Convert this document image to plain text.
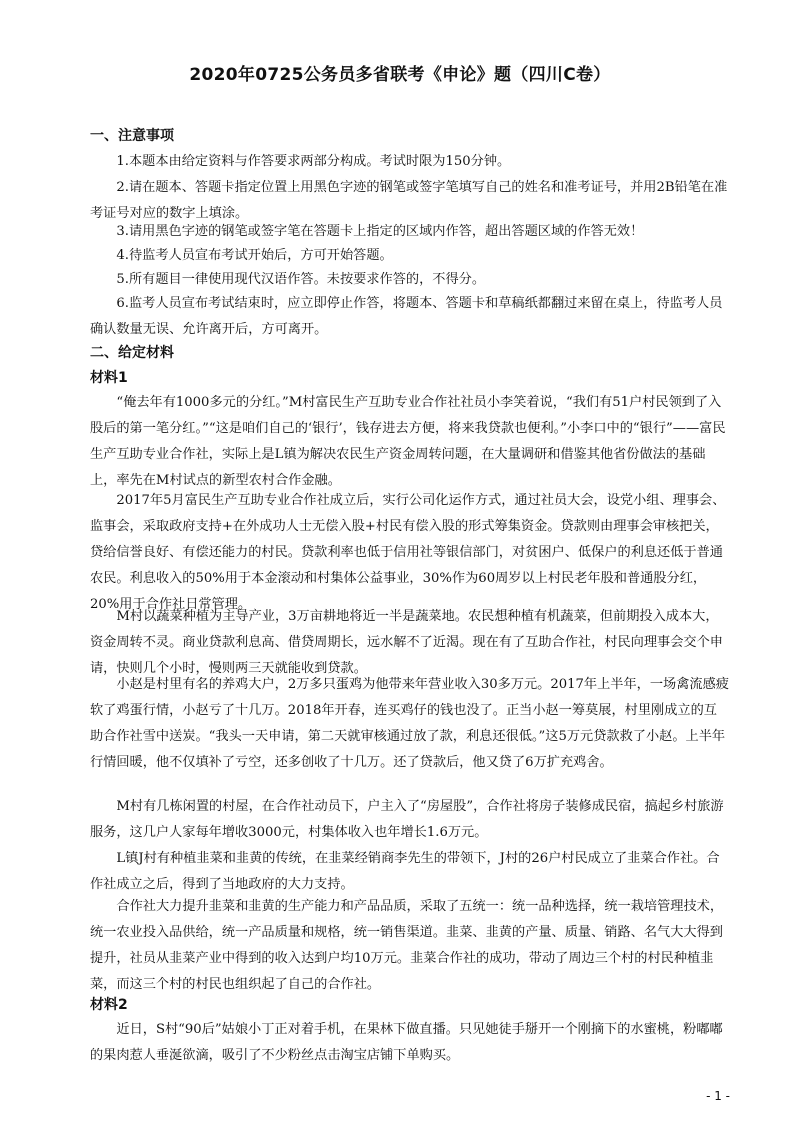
2020年0725公务员多省联考《申论》题（四川C卷）
一、注意事项
1.本题本由给定资料与作答要求两部分构成。考试时限为150分钟。
2.请在题本、答题卡指定位置上用黑色字迹的钢笔或签字笔填写自己的姓名和准考证号，并用2B铅笔在准考证号对应的数字上填涂。
3.请用黑色字迹的钢笔或签字笔在答题卡上指定的区域内作答，超出答题区域的作答无效！
4.待监考人员宣布考试开始后，方可开始答题。
5.所有题目一律使用现代汉语作答。未按要求作答的，不得分。
6.监考人员宣布考试结束时，应立即停止作答，将题本、答题卡和草稿纸都翻过来留在桌上，待监考人员确认数量无误、允许离开后，方可离开。
二、给定材料
材料1
“俺去年有1000多元的分红。”M村富民生产互助专业合作社社员小李笑着说，“我们有51户村民领到了入股后的第一笔分红。”“这是咱们自己的‘银行’，钱存进去方便，将来我贷款也便利。”小李口中的“银行”——富民生产互助专业合作社，实际上是L镇为解决农民生产资金周转问题，在大量调研和借鉴其他省份做法的基础上，率先在M村试点的新型农村合作金融。
2017年5月富民生产互助专业合作社成立后，实行公司化运作方式，通过社员大会，设党小组、理事会、监事会，采取政府支持+在外成功人士无偿入股+村民有偿入股的形式筹集资金。贷款则由理事会审核把关，贷给信誉良好、有偿还能力的村民。贷款利率也低于信用社等银信部门，对贫困户、低保户的利息还低于普通农民。利息收入的50%用于本金滚动和村集体公益事业，30%作为60周岁以上村民老年股和普通股分红，20%用于合作社日常管理。
M村以蔬菜种植为主导产业，3万亩耕地将近一半是蔬菜地。农民想种植有机蔬菜，但前期投入成本大，资金周转不灵。商业贷款利息高、借贷周期长，远水解不了近渴。现在有了互助合作社，村民向理事会交个申请，快则几个小时，慢则两三天就能收到贷款。
小赵是村里有名的养鸡大户，2万多只蛋鸡为他带来年营业收入30多万元。2017年上半年，一场禽流感疲软了鸡蛋行情，小赵亏了十几万。2018年开春，连买鸡仔的钱也没了。正当小赵一筹莫展，村里刚成立的互助合作社雪中送炭。“我头一天申请，第二天就审核通过放了款，利息还很低。”这5万元贷款救了小赵。上半年行情回暖，他不仅填补了亏空，还多创收了十几万。还了贷款后，他又贷了6万扩充鸡舍。
M村有几栋闲置的村屋，在合作社动员下，户主入了“房屋股”，合作社将房子装修成民宿，搞起乡村旅游服务，这几户人家每年增收3000元，村集体收入也年增长1.6万元。
L镇J村有种植韭菜和韭黄的传统，在韭菜经销商李先生的带领下，J村的26户村民成立了韭菜合作社。合作社成立之后，得到了当地政府的大力支持。
合作社大力提升韭菜和韭黄的生产能力和产品品质，采取了五统一：统一品种选择，统一栽培管理技术，统一农业投入品供给，统一产品质量和规格，统一销售渠道。韭菜、韭黄的产量、质量、销路、名气大大得到提升，社员从韭菜产业中得到的收入达到户均10万元。韭菜合作社的成功，带动了周边三个村的村民种植韭菜，而这三个村的村民也组织起了自己的合作社。
材料2
近日，S村“90后”姑娘小丁正对着手机，在果林下做直播。只见她徒手掰开一个刚摘下的水蜜桃，粉嘟嘟的果肉惹人垂涎欲滴，吸引了不少粉丝点击淘宝店铺下单购买。
- 1 -
